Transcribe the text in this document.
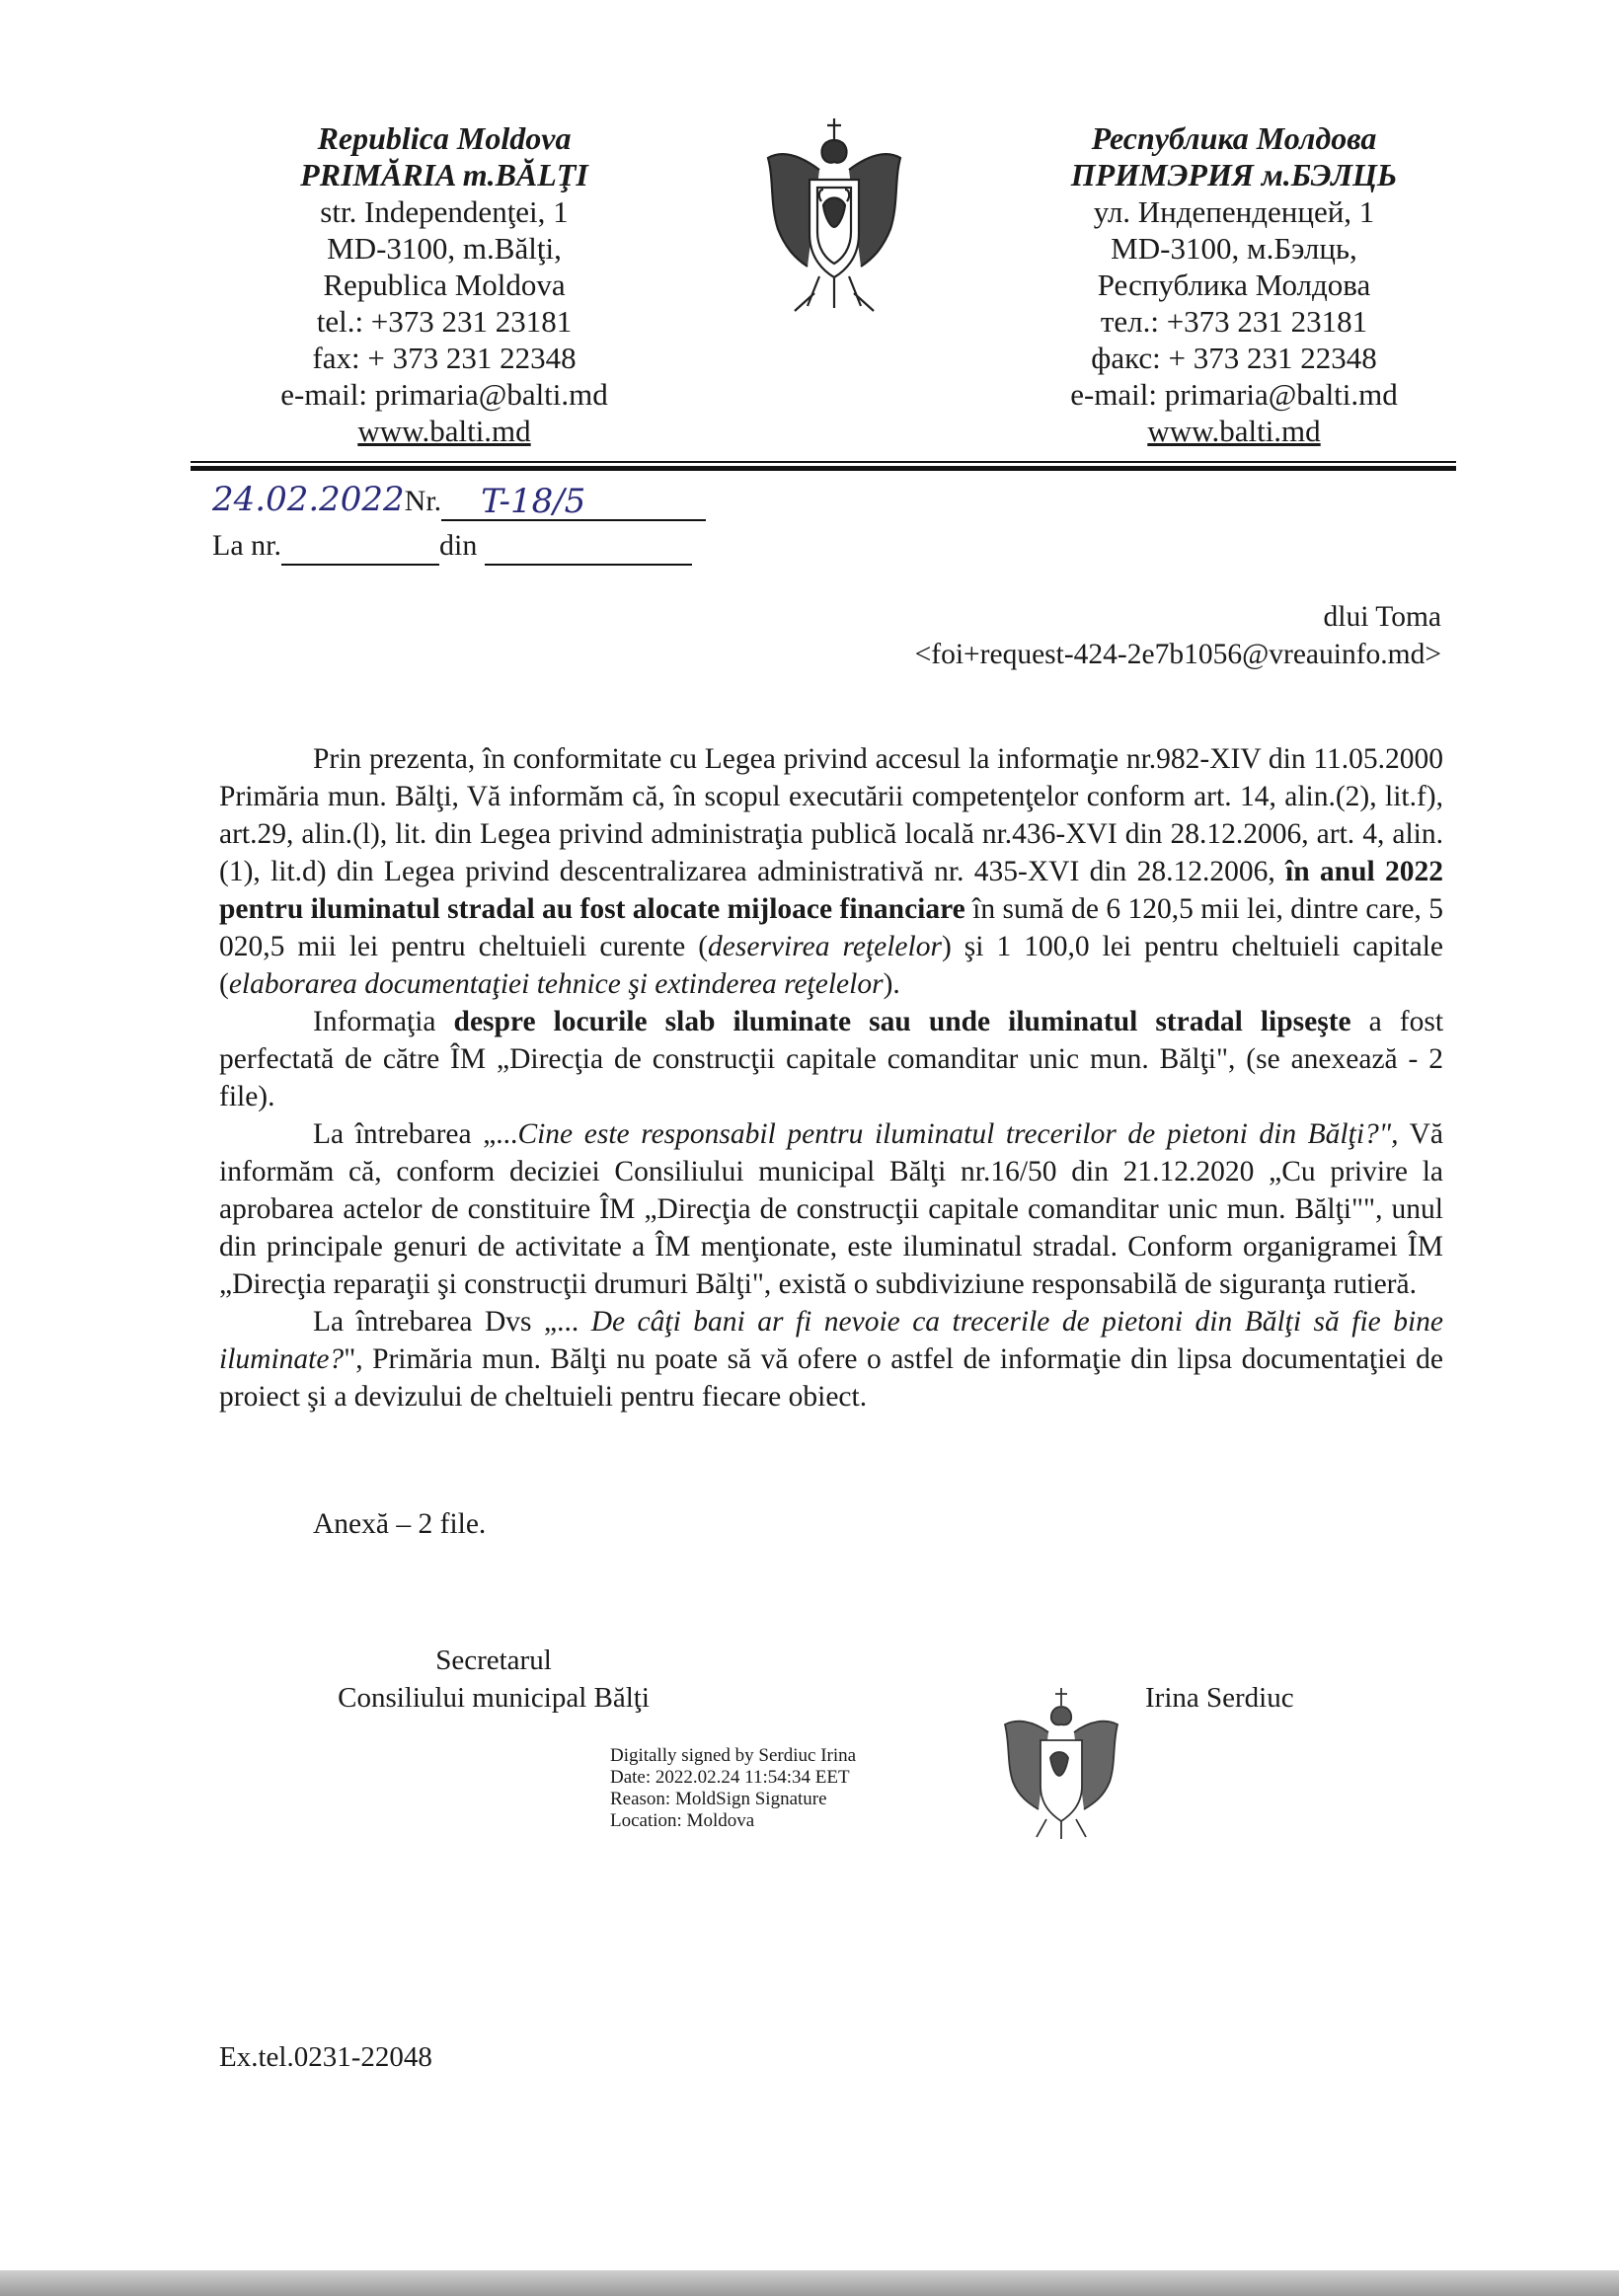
Republica Moldova
PRIMĂRIA m.BĂLŢI
str. Independenţei, 1
MD-3100, m.Bălţi,
Republica Moldova
tel.: +373 231 23181
fax: + 373 231 22348
e-mail: primaria@balti.md
www.balti.md
Республика Молдова
ПРИМЭРИЯ м.БЭЛЦЬ
ул. Индепенденцей, 1
MD-3100, м.Бэлць,
Республика Молдова
тел.: +373 231 23181
факс: + 373 231 22348
e-mail: primaria@balti.md
www.balti.md
24.02.2022Nr. T-18/5
La nr.	din
dlui Toma
<foi+request-424-2e7b1056@vreauinfo.md>

Prin prezenta, în conformitate cu Legea privind accesul la informaţie nr.982-XIV din 11.05.2000 Primăria mun. Bălţi, Vă informăm că, în scopul executării competenţelor conform art. 14, alin.(2), lit.f), art.29, alin.(l), lit. din Legea privind administraţia publică locală nr.436-XVI din 28.12.2006, art. 4, alin. (1), lit.d) din Legea privind descentralizarea administrativă nr. 435-XVI din 28.12.2006, în anul 2022 pentru iluminatul stradal au fost alocate mijloace financiare în sumă de 6 120,5 mii lei, dintre care, 5 020,5 mii lei pentru cheltuieli curente (deservirea reţelelor) şi 1 100,0 lei pentru cheltuieli capitale (elaborarea documentaţiei tehnice şi extinderea reţelelor).

Informaţia despre locurile slab iluminate sau unde iluminatul stradal lipseşte a fost perfectată de către ÎM „Direcţia de construcţii capitale comanditar unic mun. Bălţi", (se anexează - 2 file).

La întrebarea „...Cine este responsabil pentru iluminatul trecerilor de pietoni din Bălţi?", Vă informăm că, conform deciziei Consiliului municipal Bălţi nr.16/50 din 21.12.2020 „Cu privire la aprobarea actelor de constituire ÎM „Direcţia de construcţii capitale comanditar unic mun. Bălţi"", unul din principale genuri de activitate a ÎM menţionate, este iluminatul stradal. Conform organigramei ÎM „Direcţia reparaţii şi construcţii drumuri Bălţi", există o subdiviziune responsabilă de siguranţa rutieră.

La întrebarea Dvs „... De câţi bani ar fi nevoie ca trecerile de pietoni din Bălţi să fie bine iluminate?", Primăria mun. Bălţi nu poate să vă ofere o astfel de informaţie din lipsa documentaţiei de proiect şi a devizului de cheltuieli pentru fiecare obiect.

Anexă – 2 file.
Secretarul
Consiliului municipal Bălţi	Irina Serdiuc
Digitally signed by Serdiuc Irina
Date: 2022.02.24 11:54:34 EET
Reason: MoldSign Signature
Location: Moldova
Ex.tel.0231-22048
